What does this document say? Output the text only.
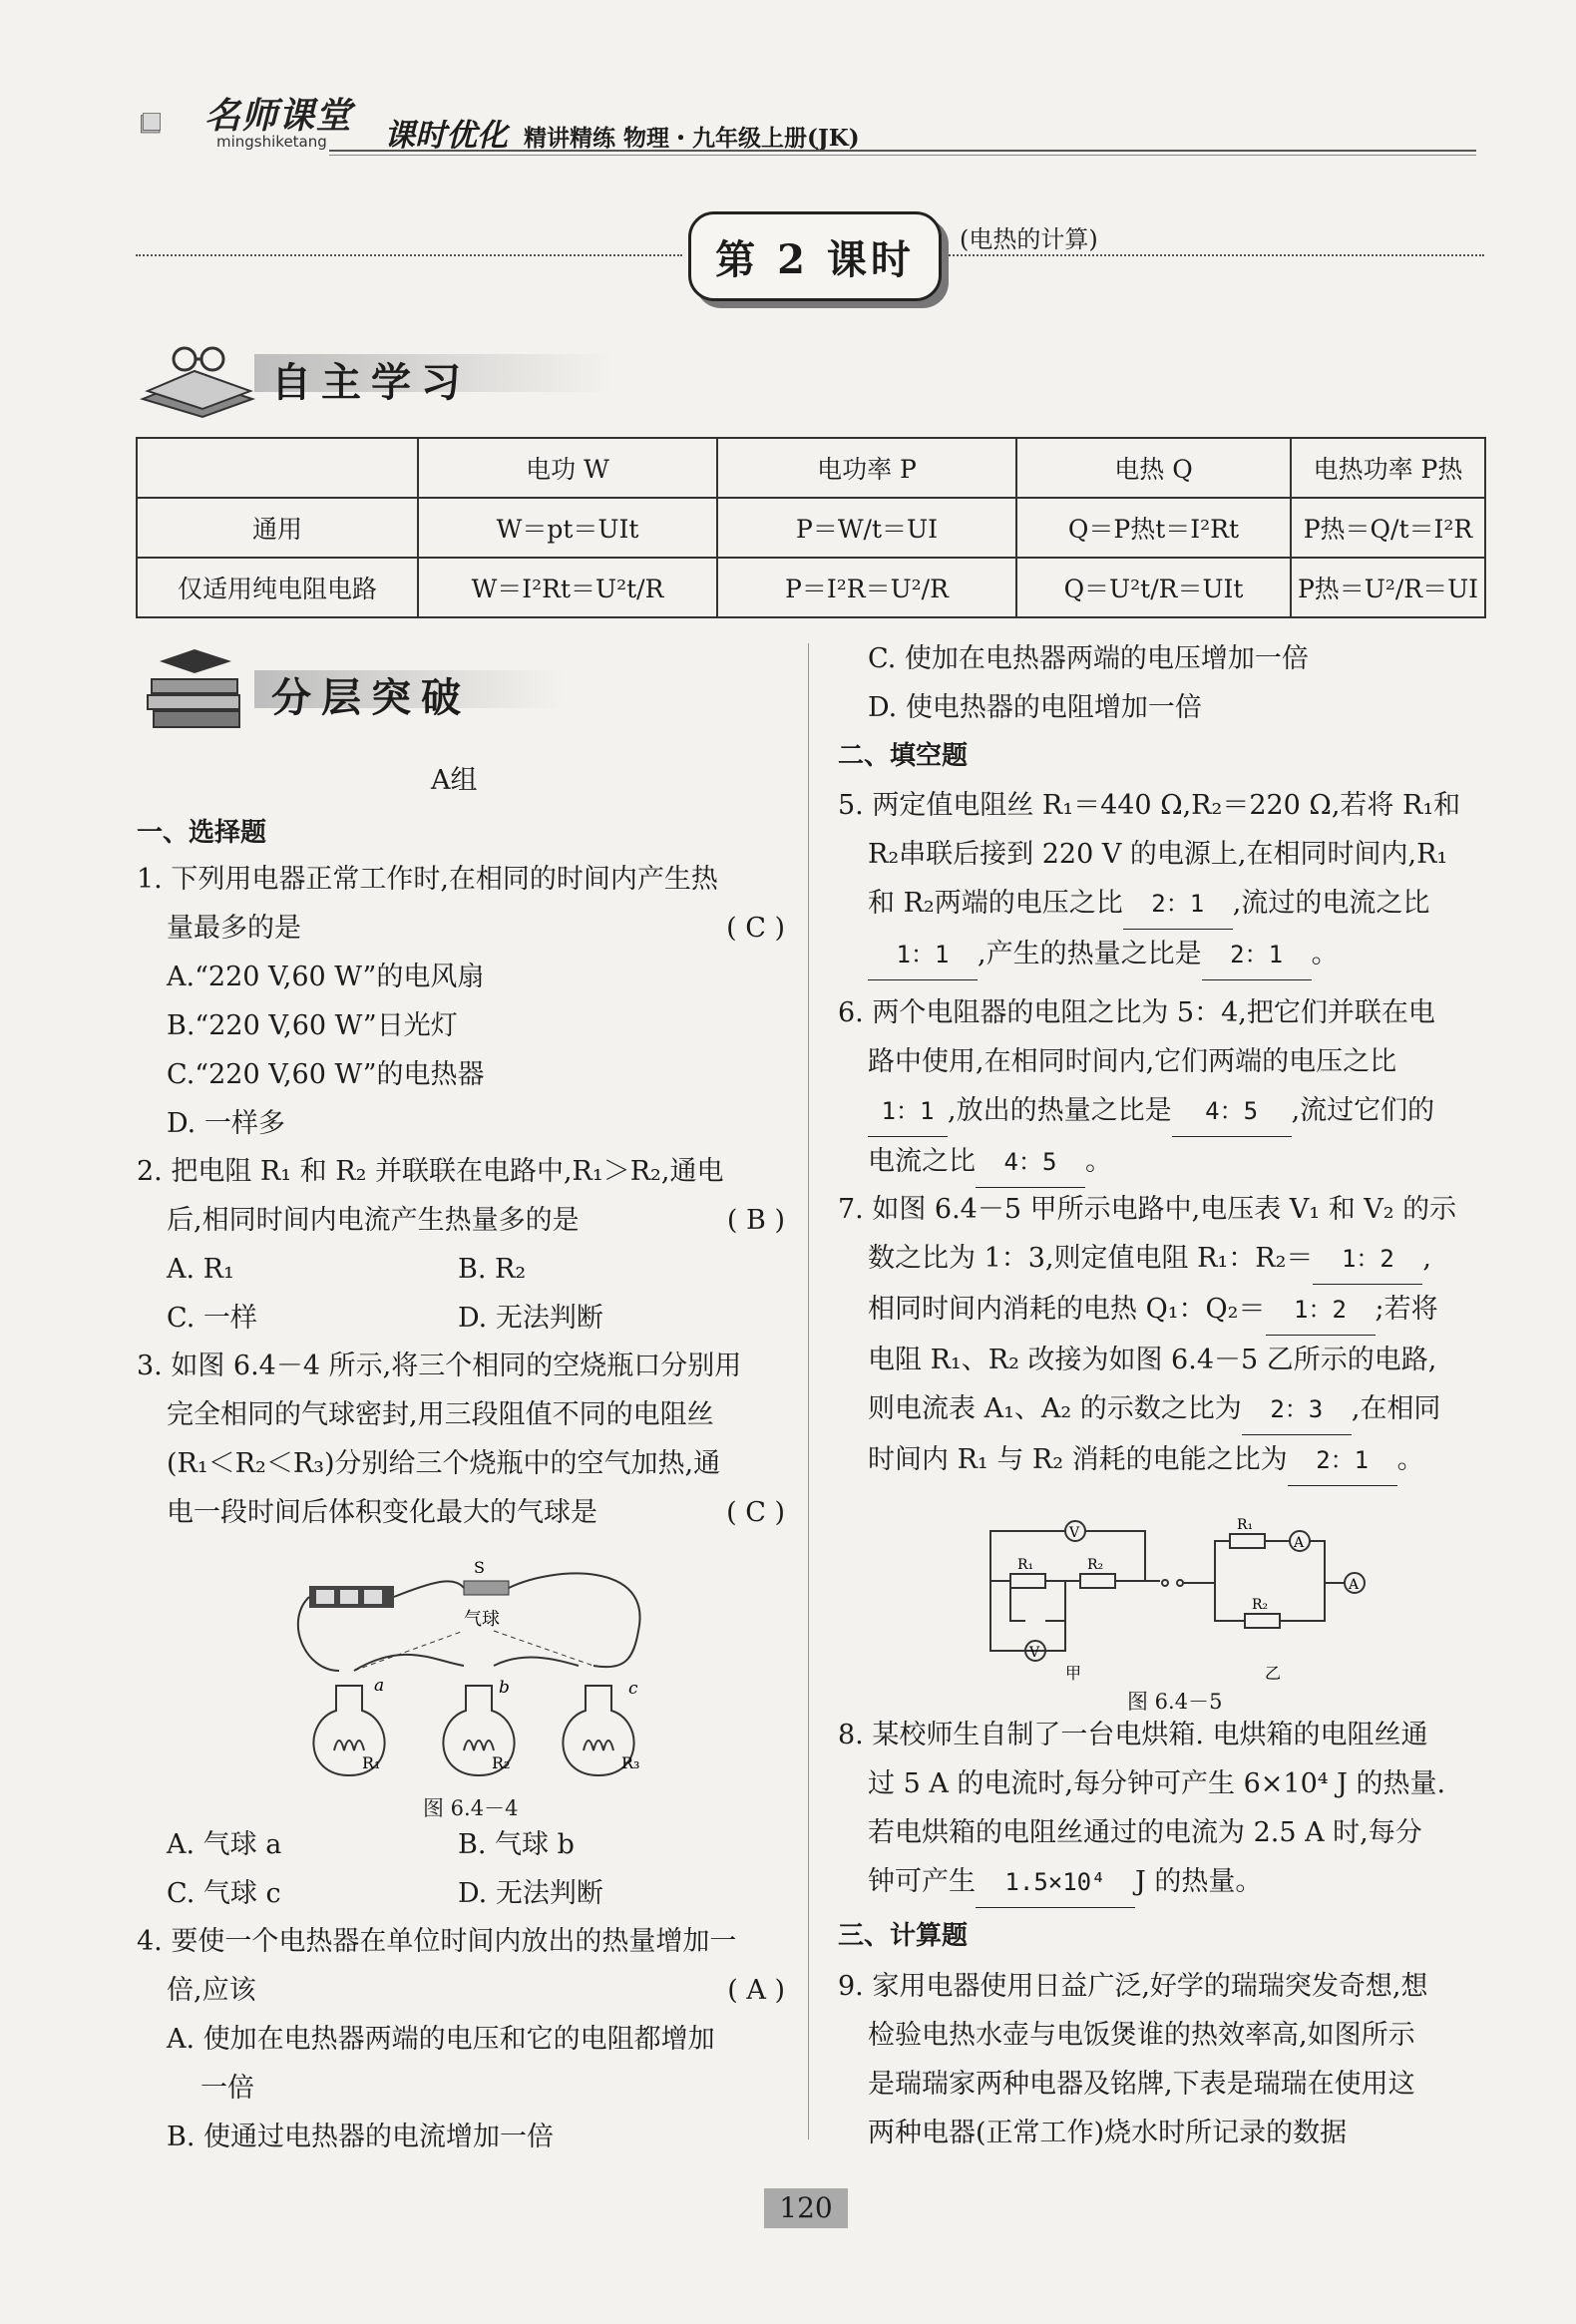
名师课堂
mingshiketang 课时优化 精讲精练 物理・九年级上册(JK)
第 2 课时	(电热的计算)
自主学习
	电功 W	电功率 P	电热 Q	电热功率 P热
通用	W＝pt＝UIt	P＝W/t＝UI	Q＝P热t＝I²Rt	P热＝Q/t＝I²R
仅适用纯电阻电路	W＝I²Rt＝U²t/R	P＝I²R＝U²/R	Q＝U²t/R＝UIt	P热＝U²/R＝UI
分层突破
A组
一、选择题
1. 下列用电器正常工作时,在相同的时间内产生热
量最多的是	( C )
A.“220 V,60 W”的电风扇
B.“220 V,60 W”日光灯
C.“220 V,60 W”的电热器
D. 一样多
2. 把电阻 R₁ 和 R₂ 并联联在电路中,R₁＞R₂,通电
后,相同时间内电流产生热量多的是	( B )
A. R₁	B. R₂
C. 一样	D. 无法判断
3. 如图 6.4－4 所示,将三个相同的空烧瓶口分别用
完全相同的气球密封,用三段阻值不同的电阻丝
(R₁＜R₂＜R₃)分别给三个烧瓶中的空气加热,通
电一段时间后体积变化最大的气球是	( C )
S
气球
a	b	c
R₁	R₂	R₃
图 6.4－4
A. 气球 a	B. 气球 b
C. 气球 c	D. 无法判断
4. 要使一个电热器在单位时间内放出的热量增加一
倍,应该	( A )
A. 使加在电热器两端的电压和它的电阻都增加
一倍
B. 使通过电热器的电流增加一倍
C. 使加在电热器两端的电压增加一倍
D. 使电热器的电阻增加一倍
二、填空题
5. 两定值电阻丝 R₁＝440 Ω,R₂＝220 Ω,若将 R₁和
R₂串联后接到 220 V 的电源上,在相同时间内,R₁
和 R₂两端的电压之比 2：1 ,流过的电流之比
1：1 ,产生的热量之比是 2：1 。
6. 两个电阻器的电阻之比为 5：4,把它们并联在电
路中使用,在相同时间内,它们两端的电压之比
1：1 ,放出的热量之比是 4：5 ,流过它们的
电流之比 4：5 。
7. 如图 6.4－5 甲所示电路中,电压表 V₁ 和 V₂ 的示
数之比为 1：3,则定值电阻 R₁：R₂＝ 1：2 ,
相同时间内消耗的电热 Q₁：Q₂＝ 1：2 ;若将
电阻 R₁、R₂ 改接为如图 6.4－5 乙所示的电路,
则电流表 A₁、A₂ 的示数之比为 2：3 ,在相同
时间内 R₁ 与 R₂ 消耗的电能之比为 2：1 。
V
V
A
A
R₁	R₂
R₁
R₂
甲	乙
图 6.4－5
8. 某校师生自制了一台电烘箱. 电烘箱的电阻丝通
过 5 A 的电流时,每分钟可产生 6×10⁴ J 的热量.
若电烘箱的电阻丝通过的电流为 2.5 A 时,每分
钟可产生 1.5×10⁴ J 的热量。
三、计算题
9. 家用电器使用日益广泛,好学的瑞瑞突发奇想,想
检验电热水壶与电饭煲谁的热效率高,如图所示
是瑞瑞家两种电器及铭牌,下表是瑞瑞在使用这
两种电器(正常工作)烧水时所记录的数据
120
